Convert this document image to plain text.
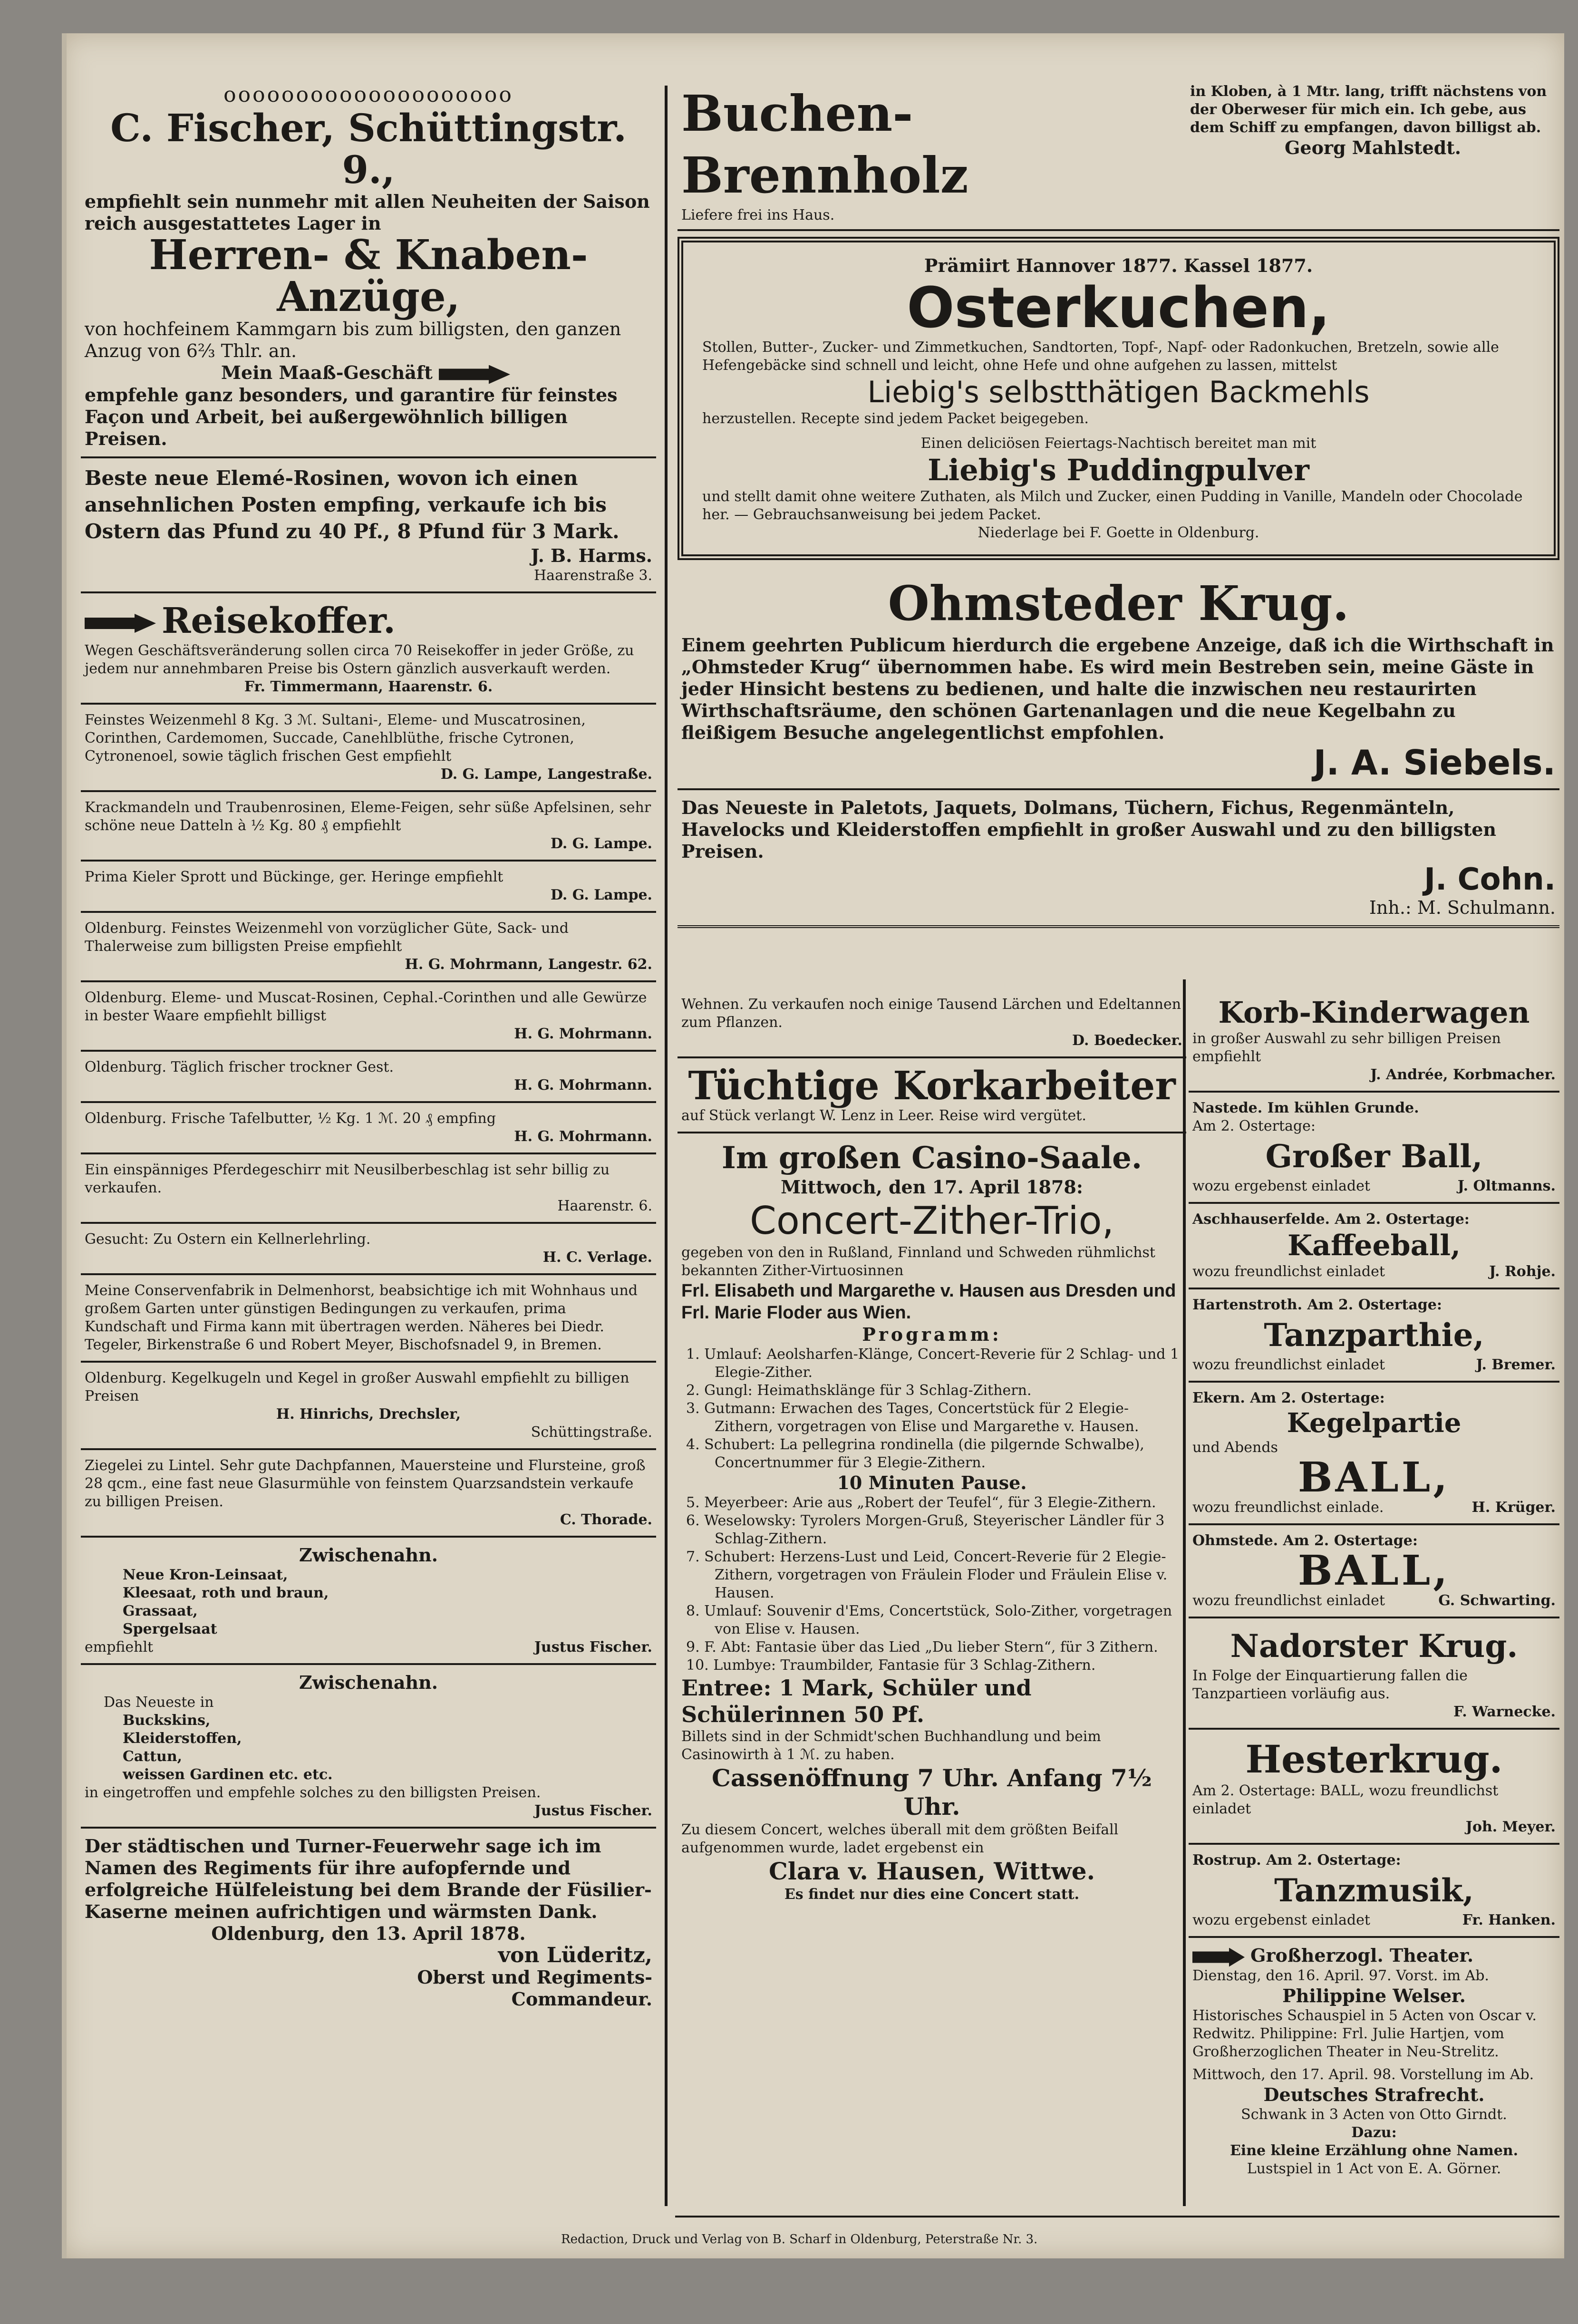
oooooooooooooooooooo
C. Fischer, Schüttingstr. 9.,
empfiehlt sein nunmehr mit allen Neuheiten der Saison reich ausgestattetes Lager in
Herren- & Knaben-Anzüge,
von hochfeinem Kammgarn bis zum billigsten, den ganzen Anzug von 6⅔ Thlr. an.
Mein Maaß-Geschäft
empfehle ganz besonders, und garantire für feinstes Façon und Arbeit, bei außergewöhnlich billigen Preisen.
Beste neue Elemé-Rosinen, wovon ich einen ansehnlichen Posten empfing, verkaufe ich bis Ostern das Pfund zu 40 Pf., 8 Pfund für 3 Mark.
J. B. Harms.
Haarenstraße 3.
Reisekoffer.
Wegen Geschäftsveränderung sollen circa 70 Reisekoffer in jeder Größe, zu jedem nur annehmbaren Preise bis Ostern gänzlich ausverkauft werden.
Fr. Timmermann, Haarenstr. 6.
Feinstes Weizenmehl 8 Kg. 3 ℳ. Sultani-, Eleme- und Muscatrosinen, Corinthen, Cardemomen, Succade, Canehlblüthe, frische Cytronen, Cytronenoel, sowie täglich frischen Gest empfiehlt
D. G. Lampe, Langestraße.
Krackmandeln und Traubenrosinen, Eleme-Feigen, sehr süße Apfelsinen, sehr schöne neue Datteln à ½ Kg. 80 ₰ empfiehlt
D. G. Lampe.
Prima Kieler Sprott und Bückinge, ger. Heringe empfiehlt
D. G. Lampe.
Oldenburg. Feinstes Weizenmehl von vorzüglicher Güte, Sack- und Thalerweise zum billigsten Preise empfiehlt
H. G. Mohrmann, Langestr. 62.
Oldenburg. Eleme- und Muscat-Rosinen, Cephal.-Corinthen und alle Gewürze in bester Waare empfiehlt billigst
H. G. Mohrmann.
Oldenburg. Täglich frischer trockner Gest.
H. G. Mohrmann.
Oldenburg. Frische Tafelbutter, ½ Kg. 1 ℳ. 20 ₰ empfing
H. G. Mohrmann.
Ein einspänniges Pferdegeschirr mit Neusilberbeschlag ist sehr billig zu verkaufen.
Haarenstr. 6.
Gesucht: Zu Ostern ein Kellnerlehrling.
H. C. Verlage.
Meine Conservenfabrik in Delmenhorst, beabsichtige ich mit Wohnhaus und großem Garten unter günstigen Bedingungen zu verkaufen, prima Kundschaft und Firma kann mit übertragen werden. Näheres bei Diedr. Tegeler, Birkenstraße 6 und Robert Meyer, Bischofsnadel 9, in Bremen.
Oldenburg. Kegelkugeln und Kegel in großer Auswahl empfiehlt zu billigen Preisen
H. Hinrichs, Drechsler,
Schüttingstraße.
Ziegelei zu Lintel. Sehr gute Dachpfannen, Mauersteine und Flursteine, groß 28 qcm., eine fast neue Glasurmühle von feinstem Quarzsandstein verkaufe zu billigen Preisen.
C. Thorade.
Zwischenahn.
Neue Kron-Leinsaat,
Kleesaat, roth und braun,
Grassaat,
Spergelsaat
empfiehlt	Justus Fischer.
Zwischenahn.
Das Neueste in
Buckskins,
Kleiderstoffen,
Cattun,
weissen Gardinen etc. etc.
in eingetroffen und empfehle solches zu den billigsten Preisen.
Justus Fischer.
Der städtischen und Turner-Feuerwehr sage ich im Namen des Regiments für ihre aufopfernde und erfolgreiche Hülfeleistung bei dem Brande der Füsilier-Kaserne meinen aufrichtigen und wärmsten Dank.
Oldenburg, den 13. April 1878.
von Lüderitz,
Oberst und Regiments-
Commandeur.
Buchen-Brennholz
Liefere frei ins Haus.
in Kloben, à 1 Mtr. lang, trifft nächstens von der Oberweser für mich ein. Ich gebe, aus dem Schiff zu empfangen, davon billigst ab.
Georg Mahlstedt.
Prämiirt Hannover 1877. Kassel 1877.
Osterkuchen,
Stollen, Butter-, Zucker- und Zimmetkuchen, Sandtorten, Topf-, Napf- oder Radonkuchen, Bretzeln, sowie alle Hefengebäcke sind schnell und leicht, ohne Hefe und ohne aufgehen zu lassen, mittelst
Liebig's selbstthätigen Backmehls
herzustellen. Recepte sind jedem Packet beigegeben.
Einen deliciösen Feiertags-Nachtisch bereitet man mit
Liebig's Puddingpulver
und stellt damit ohne weitere Zuthaten, als Milch und Zucker, einen Pudding in Vanille, Mandeln oder Chocolade her. — Gebrauchsanweisung bei jedem Packet.
Niederlage bei F. Goette in Oldenburg.
Ohmsteder Krug.
Einem geehrten Publicum hierdurch die ergebene Anzeige, daß ich die Wirthschaft in „Ohmsteder Krug“ übernommen habe. Es wird mein Bestreben sein, meine Gäste in jeder Hinsicht bestens zu bedienen, und halte die inzwischen neu restaurirten Wirthschaftsräume, den schönen Gartenanlagen und die neue Kegelbahn zu fleißigem Besuche angelegentlichst empfohlen.
J. A. Siebels.
Das Neueste in Paletots, Jaquets, Dolmans, Tüchern, Fichus, Regenmänteln, Havelocks und Kleiderstoffen empfiehlt in großer Auswahl und zu den billigsten Preisen.
J. Cohn.
Inh.: M. Schulmann.
Wehnen. Zu verkaufen noch einige Tausend Lärchen und Edeltannen zum Pflanzen.
D. Boedecker.
Tüchtige Korkarbeiter
auf Stück verlangt W. Lenz in Leer. Reise wird vergütet.
Im großen Casino-Saale.
Mittwoch, den 17. April 1878:
Concert-Zither-Trio,
gegeben von den in Rußland, Finnland und Schweden rühmlichst bekannten Zither-Virtuosinnen
Frl. Elisabeth und Margarethe v. Hausen aus Dresden und Frl. Marie Floder aus Wien.
Programm:
1. Umlauf: Aeolsharfen-Klänge, Concert-Reverie für 2 Schlag- und 1 Elegie-Zither.
2. Gungl: Heimathsklänge für 3 Schlag-Zithern.
3. Gutmann: Erwachen des Tages, Concertstück für 2 Elegie-Zithern, vorgetragen von Elise und Margarethe v. Hausen.
4. Schubert: La pellegrina rondinella (die pilgernde Schwalbe), Concertnummer für 3 Elegie-Zithern.
10 Minuten Pause.
5. Meyerbeer: Arie aus „Robert der Teufel“, für 3 Elegie-Zithern.
6. Weselowsky: Tyrolers Morgen-Gruß, Steyerischer Ländler für 3 Schlag-Zithern.
7. Schubert: Herzens-Lust und Leid, Concert-Reverie für 2 Elegie-Zithern, vorgetragen von Fräulein Floder und Fräulein Elise v. Hausen.
8. Umlauf: Souvenir d'Ems, Concertstück, Solo-Zither, vorgetragen von Elise v. Hausen.
9. F. Abt: Fantasie über das Lied „Du lieber Stern“, für 3 Zithern.
10. Lumbye: Traumbilder, Fantasie für 3 Schlag-Zithern.
Entree: 1 Mark, Schüler und Schülerinnen 50 Pf.
Billets sind in der Schmidt'schen Buchhandlung und beim Casinowirth à 1 ℳ. zu haben.
Cassenöffnung 7 Uhr. Anfang 7½ Uhr.
Zu diesem Concert, welches überall mit dem größten Beifall aufgenommen wurde, ladet ergebenst ein
Clara v. Hausen, Wittwe.
Es findet nur dies eine Concert statt.
Korb-Kinderwagen
in großer Auswahl zu sehr billigen Preisen empfiehlt
J. Andrée, Korbmacher.
Nastede. Im kühlen Grunde.
Am 2. Ostertage:
Großer Ball,
wozu ergebenst einladet	J. Oltmanns.
Aschhauserfelde. Am 2. Ostertage:
Kaffeeball,
wozu freundlichst einladet	J. Rohje.
Hartenstroth. Am 2. Ostertage:
Tanzparthie,
wozu freundlichst einladet	J. Bremer.
Ekern. Am 2. Ostertage:
Kegelpartie
und Abends
BALL,
wozu freundlichst einlade.	H. Krüger.
Ohmstede. Am 2. Ostertage:
BALL,
wozu freundlichst einladet	G. Schwarting.
Nadorster Krug.
In Folge der Einquartierung fallen die Tanzpartieen vorläufig aus.
F. Warnecke.
Hesterkrug.
Am 2. Ostertage: BALL, wozu freundlichst einladet
Joh. Meyer.
Rostrup. Am 2. Ostertage:
Tanzmusik,
wozu ergebenst einladet	Fr. Hanken.
Großherzogl. Theater.
Dienstag, den 16. April. 97. Vorst. im Ab.
Philippine Welser.
Historisches Schauspiel in 5 Acten von Oscar v. Redwitz. Philippine: Frl. Julie Hartjen, vom Großherzoglichen Theater in Neu-Strelitz.
Mittwoch, den 17. April. 98. Vorstellung im Ab.
Deutsches Strafrecht.
Schwank in 3 Acten von Otto Girndt.
Dazu:
Eine kleine Erzählung ohne Namen.
Lustspiel in 1 Act von E. A. Görner.
Redaction, Druck und Verlag von B. Scharf in Oldenburg, Peterstraße Nr. 3.
